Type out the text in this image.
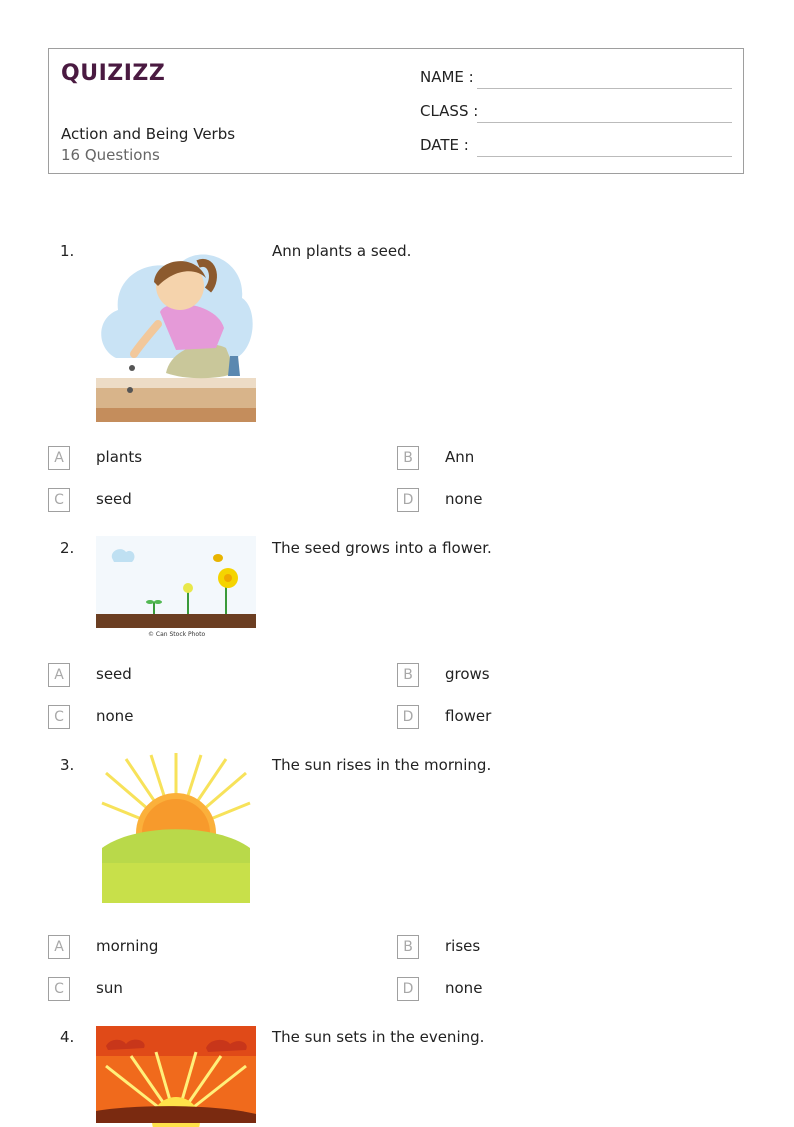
QUIZIZZ
Action and Being Verbs
16 Questions
NAME :
CLASS :
DATE :
1.	Ann plants a seed.
A	plants	B	Ann
C	seed	D	none
2.
© Can Stock Photo
The seed grows into a flower.
A	seed	B	grows
C	none	D	flower
3.	The sun rises in the morning.
A	morning	B	rises
C	sun	D	none
4.	The sun sets in the evening.
